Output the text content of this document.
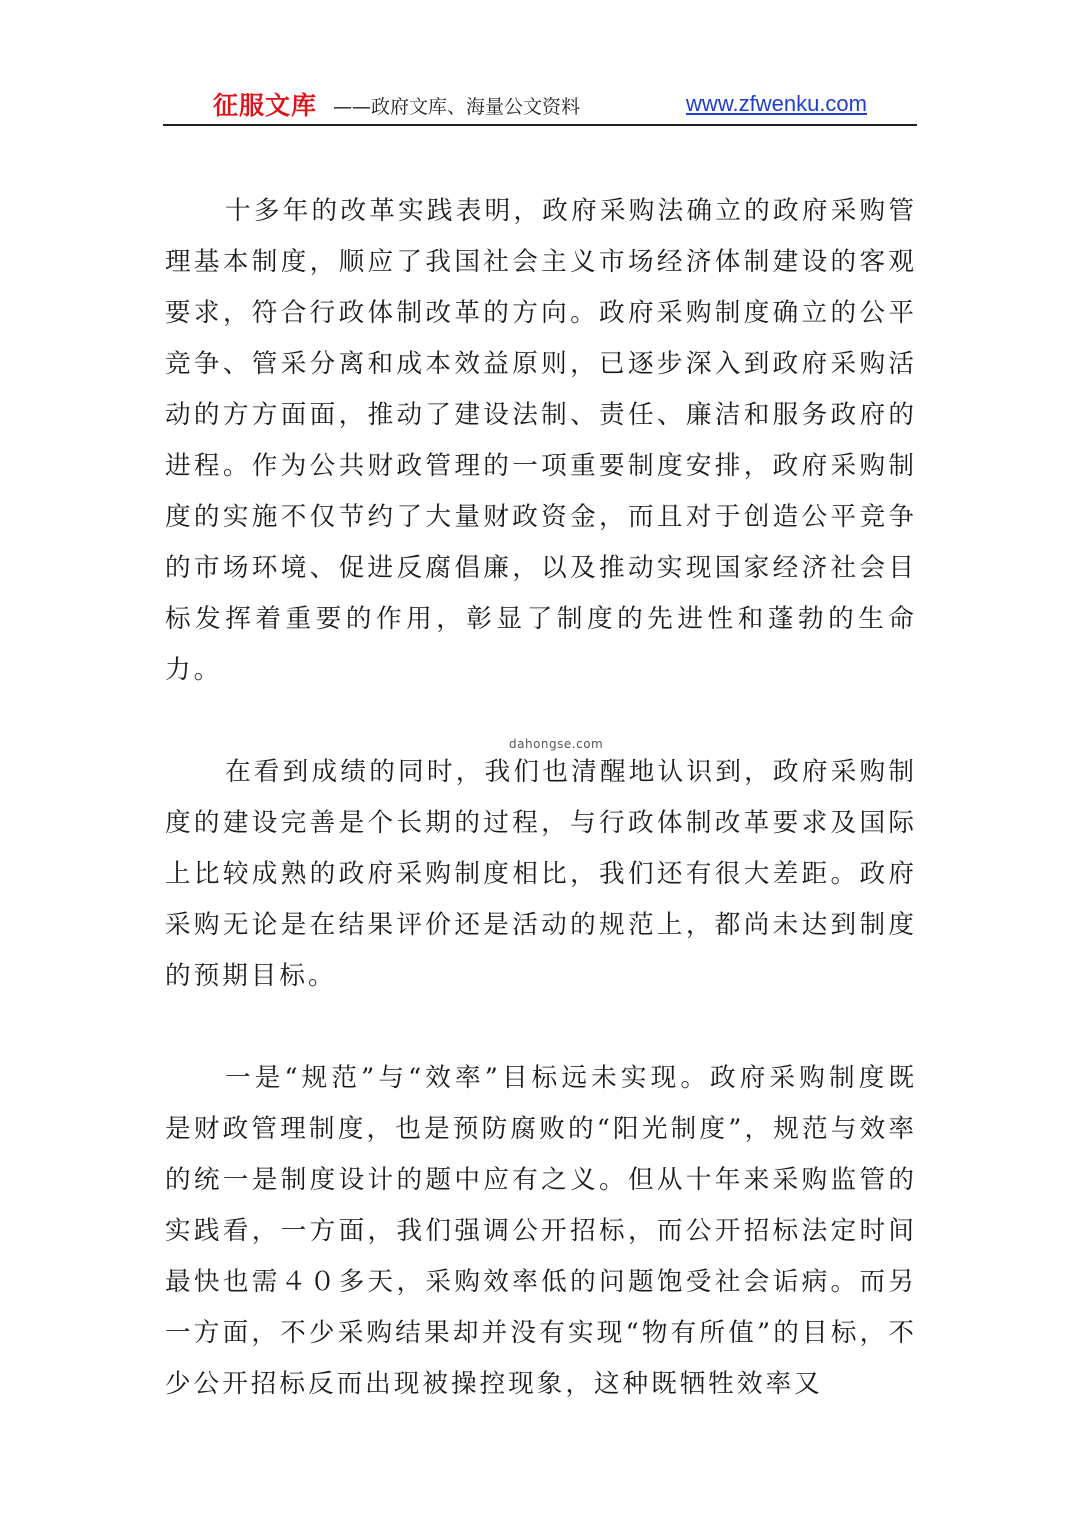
征服文库 ——政府文库、海量公文资料	www.zfwenku.com

十多年的改革实践表明，政府采购法确立的政府采购管理基本制度，顺应了我国社会主义市场经济体制建设的客观要求，符合行政体制改革的方向。政府采购制度确立的公平竞争、管采分离和成本效益原则，已逐步深入到政府采购活动的方方面面，推动了建设法制、责任、廉洁和服务政府的进程。作为公共财政管理的一项重要制度安排，政府采购制度的实施不仅节约了大量财政资金，而且对于创造公平竞争的市场环境、促进反腐倡廉，以及推动实现国家经济社会目标发挥着重要的作用，彰显了制度的先进性和蓬勃的生命力。

在看到成绩的同时，我们也清醒地认识到，政府采购制度的建设完善是个长期的过程，与行政体制改革要求及国际上比较成熟的政府采购制度相比，我们还有很大差距。政府采购无论是在结果评价还是活动的规范上，都尚未达到制度的预期目标。

一是“规范”与“效率”目标远未实现。政府采购制度既是财政管理制度，也是预防腐败的“阳光制度”，规范与效率的统一是制度设计的题中应有之义。但从十年来采购监管的实践看，一方面，我们强调公开招标，而公开招标法定时间最快也需４０多天，采购效率低的问题饱受社会诟病。而另一方面，不少采购结果却并没有实现“物有所值”的目标，不少公开招标反而出现被操控现象，这种既牺牲效率又

dahongse.com
